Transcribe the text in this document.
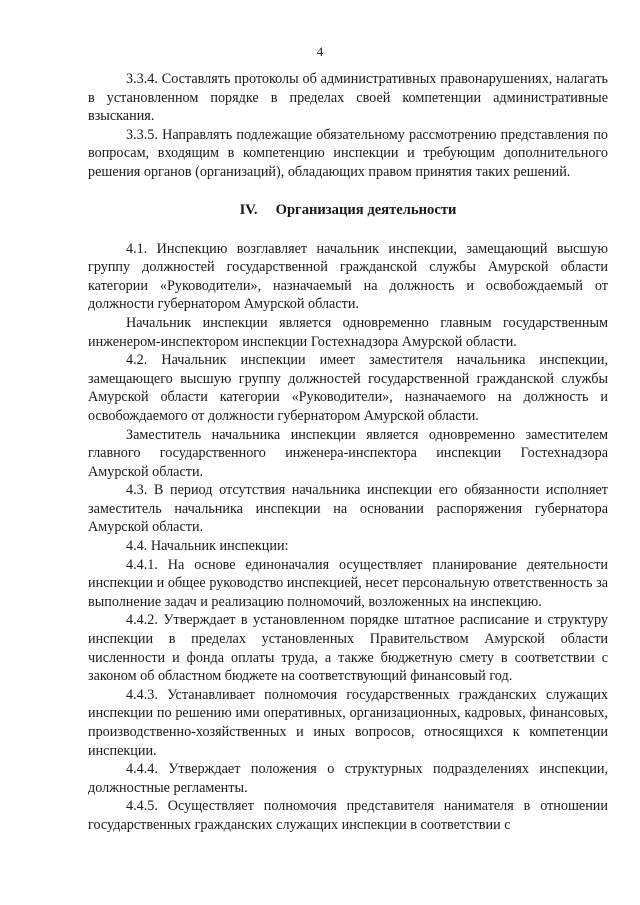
4

3.3.4. Составлять протоколы об административных правонарушениях, налагать в установленном порядке в пределах своей компетенции административные взыскания.

3.3.5. Направлять подлежащие обязательному рассмотрению представления по вопросам, входящим в компетенцию инспекции и требующим дополнительного решения органов (организаций), обладающих правом принятия таких решений.

IV. Организация деятельности

4.1. Инспекцию возглавляет начальник инспекции, замещающий высшую группу должностей государственной гражданской службы Амурской области категории «Руководители», назначаемый на должность и освобождаемый от должности губернатором Амурской области.

Начальник инспекции является одновременно главным государственным инженером-инспектором инспекции Гостехнадзора Амурской области.

4.2. Начальник инспекции имеет заместителя начальника инспекции, замещающего высшую группу должностей государственной гражданской службы Амурской области категории «Руководители», назначаемого на должность и освобождаемого от должности губернатором Амурской области.

Заместитель начальника инспекции является одновременно заместителем главного государственного инженера-инспектора инспекции Гостехнадзора Амурской области.

4.3. В период отсутствия начальника инспекции его обязанности исполняет заместитель начальника инспекции на основании распоряжения губернатора Амурской области.

4.4. Начальник инспекции:

4.4.1. На основе единоначалия осуществляет планирование деятельности инспекции и общее руководство инспекцией, несет персональную ответственность за выполнение задач и реализацию полномочий, возложенных на инспекцию.

4.4.2. Утверждает в установленном порядке штатное расписание и структуру инспекции в пределах установленных Правительством Амурской области численности и фонда оплаты труда, а также бюджетную смету в соответствии с законом об областном бюджете на соответствующий финансовый год.

4.4.3. Устанавливает полномочия государственных гражданских служащих инспекции по решению ими оперативных, организационных, кадровых, финансовых, производственно-хозяйственных и иных вопросов, относящихся к компетенции инспекции.

4.4.4. Утверждает положения о структурных подразделениях инспекции, должностные регламенты.

4.4.5. Осуществляет полномочия представителя нанимателя в отношении государственных гражданских служащих инспекции в соответствии с
